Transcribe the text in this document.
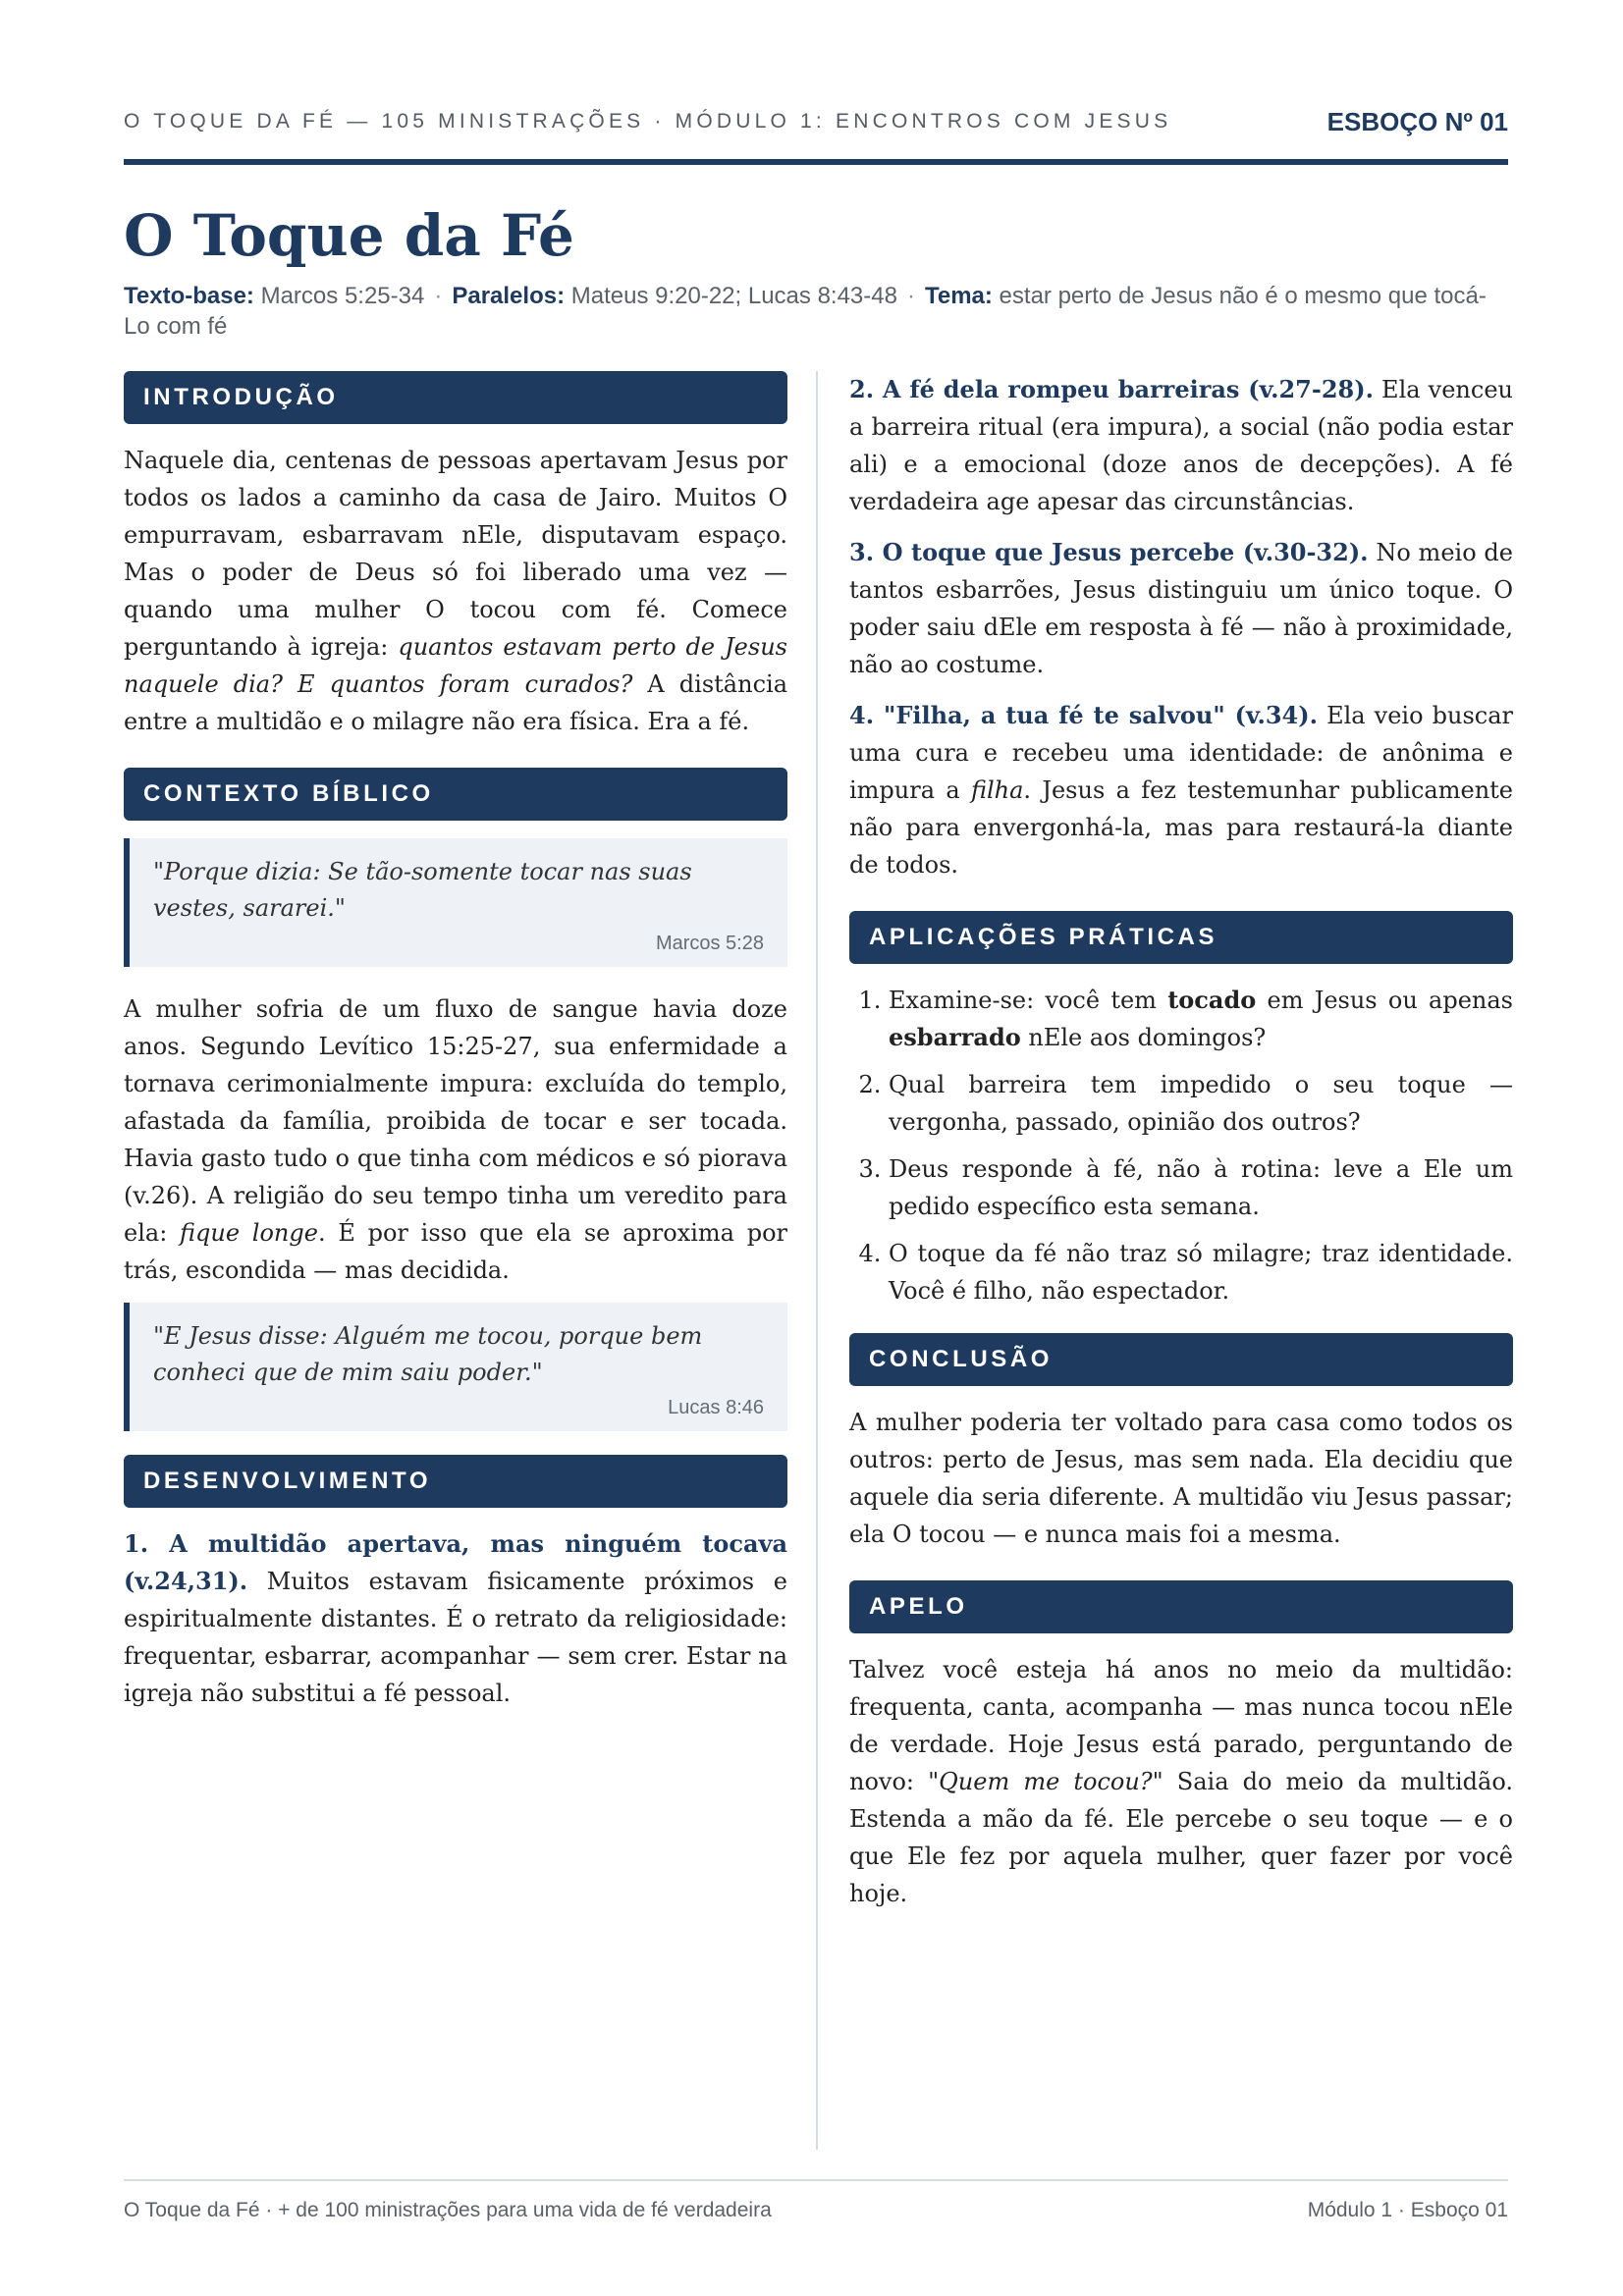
O TOQUE DA FÉ — 105 MINISTRAÇÕES · MÓDULO 1: ENCONTROS COM JESUS	ESBOÇO Nº 01
O Toque da Fé
Texto-base: Marcos 5:25-34 · Paralelos: Mateus 9:20-22; Lucas 8:43-48 · Tema: estar perto de Jesus não é o mesmo que tocá-Lo com fé
INTRODUÇÃO

Naquele dia, centenas de pessoas apertavam Jesus por todos os lados a caminho da casa de Jairo. Muitos O empurravam, esbarravam nEle, disputavam espaço. Mas o poder de Deus só foi liberado uma vez — quando uma mulher O tocou com fé. Comece perguntando à igreja: quantos estavam perto de Jesus naquele dia? E quantos foram curados? A distância entre a multidão e o milagre não era física. Era a fé.

CONTEXTO BÍBLICO
"Porque dizia: Se tão-somente tocar nas suas vestes, sararei."
Marcos 5:28

A mulher sofria de um fluxo de sangue havia doze anos. Segundo Levítico 15:25-27, sua enfermidade a tornava cerimonialmente impura: excluída do templo, afastada da família, proibida de tocar e ser tocada. Havia gasto tudo o que tinha com médicos e só piorava (v.26). A religião do seu tempo tinha um veredito para ela: fique longe. É por isso que ela se aproxima por trás, escondida — mas decidida.

"E Jesus disse: Alguém me tocou, porque bem conheci que de mim saiu poder."
Lucas 8:46
DESENVOLVIMENTO

1. A multidão apertava, mas ninguém tocava (v.24,31). Muitos estavam fisicamente próximos e espiritualmente distantes. É o retrato da religiosidade: frequentar, esbarrar, acompanhar — sem crer. Estar na igreja não substitui a fé pessoal.

2. A fé dela rompeu barreiras (v.27-28). Ela venceu a barreira ritual (era impura), a social (não podia estar ali) e a emocional (doze anos de decepções). A fé verdadeira age apesar das circunstâncias.

3. O toque que Jesus percebe (v.30-32). No meio de tantos esbarrões, Jesus distinguiu um único toque. O poder saiu dEle em resposta à fé — não à proximidade, não ao costume.

4. "Filha, a tua fé te salvou" (v.34). Ela veio buscar uma cura e recebeu uma identidade: de anônima e impura a filha. Jesus a fez testemunhar publicamente não para envergonhá-la, mas para restaurá-la diante de todos.

APLICAÇÕES PRÁTICAS
1. Examine-se: você tem tocado em Jesus ou apenas esbarrado nEle aos domingos?
2. Qual barreira tem impedido o seu toque — vergonha, passado, opinião dos outros?
3. Deus responde à fé, não à rotina: leve a Ele um pedido específico esta semana.
4. O toque da fé não traz só milagre; traz identidade. Você é filho, não espectador.
CONCLUSÃO

A mulher poderia ter voltado para casa como todos os outros: perto de Jesus, mas sem nada. Ela decidiu que aquele dia seria diferente. A multidão viu Jesus passar; ela O tocou — e nunca mais foi a mesma.

APELO

Talvez você esteja há anos no meio da multidão: frequenta, canta, acompanha — mas nunca tocou nEle de verdade. Hoje Jesus está parado, perguntando de novo: "Quem me tocou?" Saia do meio da multidão. Estenda a mão da fé. Ele percebe o seu toque — e o que Ele fez por aquela mulher, quer fazer por você hoje.

O Toque da Fé · + de 100 ministrações para uma vida de fé verdadeira	Módulo 1 · Esboço 01
